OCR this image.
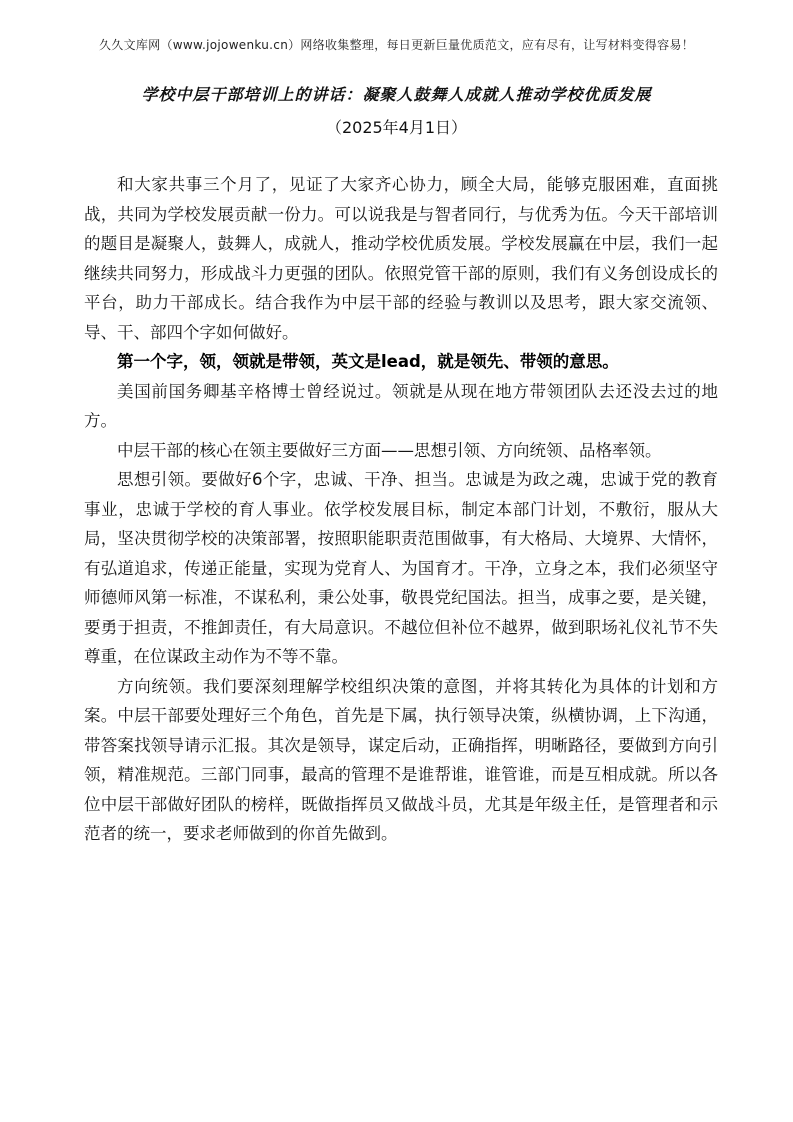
久久文库网（www.jojowenku.cn）网络收集整理，每日更新巨量优质范文，应有尽有，让写材料变得容易！
学校中层干部培训上的讲话：凝聚人鼓舞人成就人推动学校优质发展
（2025年4月1日）

和大家共事三个月了，见证了大家齐心协力，顾全大局，能够克服困难，直面挑战，共同为学校发展贡献一份力。可以说我是与智者同行，与优秀为伍。今天干部培训的题目是凝聚人，鼓舞人，成就人，推动学校优质发展。学校发展赢在中层，我们一起继续共同努力，形成战斗力更强的团队。依照党管干部的原则，我们有义务创设成长的平台，助力干部成长。结合我作为中层干部的经验与教训以及思考，跟大家交流领、导、干、部四个字如何做好。

第一个字，领，领就是带领，英文是lead，就是领先、带领的意思。

美国前国务卿基辛格博士曾经说过。领就是从现在地方带领团队去还没去过的地方。

中层干部的核心在领主要做好三方面——思想引领、方向统领、品格率领。

思想引领。要做好6个字，忠诚、干净、担当。忠诚是为政之魂，忠诚于党的教育事业，忠诚于学校的育人事业。依学校发展目标，制定本部门计划，不敷衍，服从大局，坚决贯彻学校的决策部署，按照职能职责范围做事，有大格局、大境界、大情怀，有弘道追求，传递正能量，实现为党育人、为国育才。干净，立身之本，我们必须坚守师德师风第一标准，不谋私利，秉公处事，敬畏党纪国法。担当，成事之要，是关键，要勇于担责，不推卸责任，有大局意识。不越位但补位不越界，做到职场礼仪礼节不失尊重，在位谋政主动作为不等不靠。

方向统领。我们要深刻理解学校组织决策的意图，并将其转化为具体的计划和方案。中层干部要处理好三个角色，首先是下属，执行领导决策，纵横协调，上下沟通，带答案找领导请示汇报。其次是领导，谋定后动，正确指挥，明晰路径，要做到方向引领，精准规范。三部门同事，最高的管理不是谁帮谁，谁管谁，而是互相成就。所以各位中层干部做好团队的榜样，既做指挥员又做战斗员，尤其是年级主任，是管理者和示范者的统一，要求老师做到的你首先做到。
